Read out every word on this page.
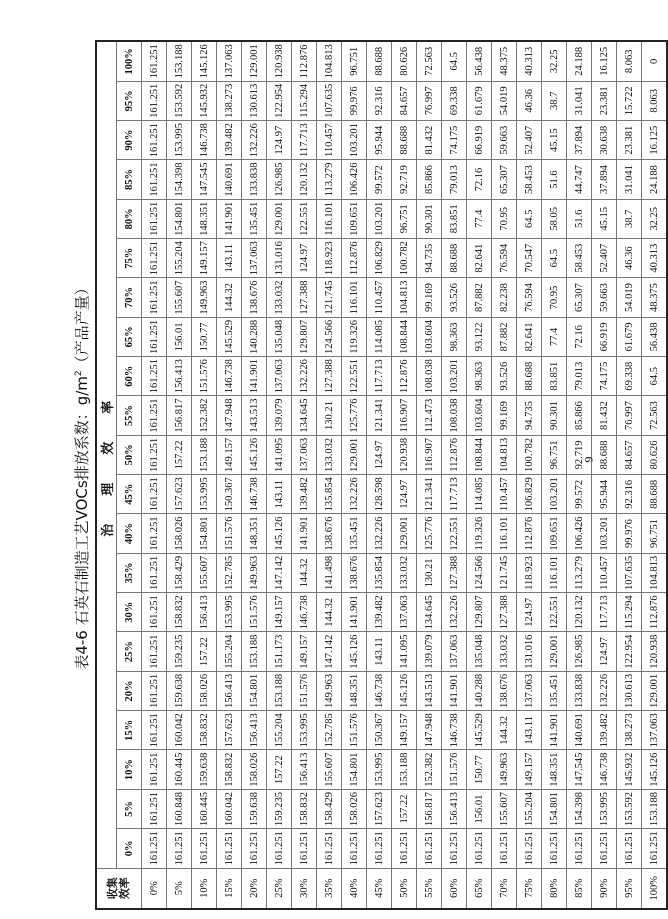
表4-6 石英石制造工艺VOCs排放系数：$g/m^2$（产品产量）
收集
效率	治理效率																				
	0%	5%	10%	15%	20%	25%	30%	35%	40%	45%	50%	55%	60%	65%	70%	75%	80%	85%	90%	95%	100%
0%	161.251	161.251	161.251	161.251	161.251	161.251	161.251	161.251	161.251	161.251	161.251	161.251	161.251	161.251	161.251	161.251	161.251	161.251	161.251	161.251	161.251
5%	161.251	160.848	160.445	160.042	159.638	159.235	158.832	158.429	158.026	157.623	157.22	156.817	156.413	156.01	155.607	155.204	154.801	154.398	153.995	153.592	153.188
10%	161.251	160.445	159.638	158.832	158.026	157.22	156.413	155.607	154.801	153.995	153.188	152.382	151.576	150.77	149.963	149.157	148.351	147.545	146.738	145.932	145.126
15%	161.251	160.042	158.832	157.623	156.413	155.204	153.995	152.785	151.576	150.367	149.157	147.948	146.738	145.529	144.32	143.11	141.901	140.691	139.482	138.273	137.063
20%	161.251	159.638	158.026	156.413	154.801	153.188	151.576	149.963	148.351	146.738	145.126	143.513	141.901	140.288	138.676	137.063	135.451	133.838	132.226	130.613	129.001
25%	161.251	159.235	157.22	155.204	153.188	151.173	149.157	147.142	145.126	143.11	141.095	139.079	137.063	135.048	133.032	131.016	129.001	126.985	124.97	122.954	120.938
30%	161.251	158.832	156.413	153.995	151.576	149.157	146.738	144.32	141.901	139.482	137.063	134.645	132.226	129.807	127.388	124.97	122.551	120.132	117.713	115.294	112.876
35%	161.251	158.429	155.607	152.785	149.963	147.142	144.32	141.498	138.676	135.854	133.032	130.21	127.388	124.566	121.745	118.923	116.101	113.279	110.457	107.635	104.813
40%	161.251	158.026	154.801	151.576	148.351	145.126	141.901	138.676	135.451	132.226	129.001	125.776	122.551	119.326	116.101	112.876	109.651	106.426	103.201	99.976	96.751
45%	161.251	157.623	153.995	150.367	146.738	143.11	139.482	135.854	132.226	128.598	124.97	121.341	117.713	114.085	110.457	106.829	103.201	99.572	95.944	92.316	88.688
50%	161.251	157.22	153.188	149.157	145.126	141.095	137.063	133.032	129.001	124.97	120.938	116.907	112.876	108.844	104.813	100.782	96.751	92.719	88.688	84.657	80.626
55%	161.251	156.817	152.382	147.948	143.513	139.079	134.645	130.21	125.776	121.341	116.907	112.473	108.038	103.604	99.169	94.735	90.301	85.866	81.432	76.997	72.563
60%	161.251	156.413	151.576	146.738	141.901	137.063	132.226	127.388	122.551	117.713	112.876	108.038	103.201	98.363	93.526	88.688	83.851	79.013	74.175	69.338	64.5
65%	161.251	156.01	150.77	145.529	140.288	135.048	129.807	124.566	119.326	114.085	108.844	103.604	98.363	93.122	87.882	82.641	77.4	72.16	66.919	61.679	56.438
70%	161.251	155.607	149.963	144.32	138.676	133.032	127.388	121.745	116.101	110.457	104.813	99.169	93.526	87.882	82.238	76.594	70.95	65.307	59.663	54.019	48.375
75%	161.251	155.204	149.157	143.11	137.063	131.016	124.97	118.923	112.876	106.829	100.782	94.735	88.688	82.641	76.594	70.547	64.5	58.453	52.407	46.36	40.313
80%	161.251	154.801	148.351	141.901	135.451	129.001	122.551	116.101	109.651	103.201	96.751	90.301	83.851	77.4	70.95	64.5	58.05	51.6	45.15	38.7	32.25
85%	161.251	154.398	147.545	140.691	133.838	126.985	120.132	113.279	106.426	99.572	92.719	85.866	79.013	72.16	65.307	58.453	51.6	44.747	37.894	31.041	24.188
90%	161.251	153.995	146.738	139.482	132.226	124.97	117.713	110.457	103.201	95.944	88.688	81.432	74.175	66.919	59.663	52.407	45.15	37.894	30.638	23.381	16.125
95%	161.251	153.592	145.932	138.273	130.613	122.954	115.294	107.635	99.976	92.316	84.657	76.997	69.338	61.679	54.019	46.36	38.7	31.041	23.381	15.722	8.063
100%	161.251	153.188	145.126	137.063	129.001	120.938	112.876	104.813	96.751	88.688	80.626	72.563	64.5	56.438	48.375	40.313	32.25	24.188	16.125	8.063	0
9
